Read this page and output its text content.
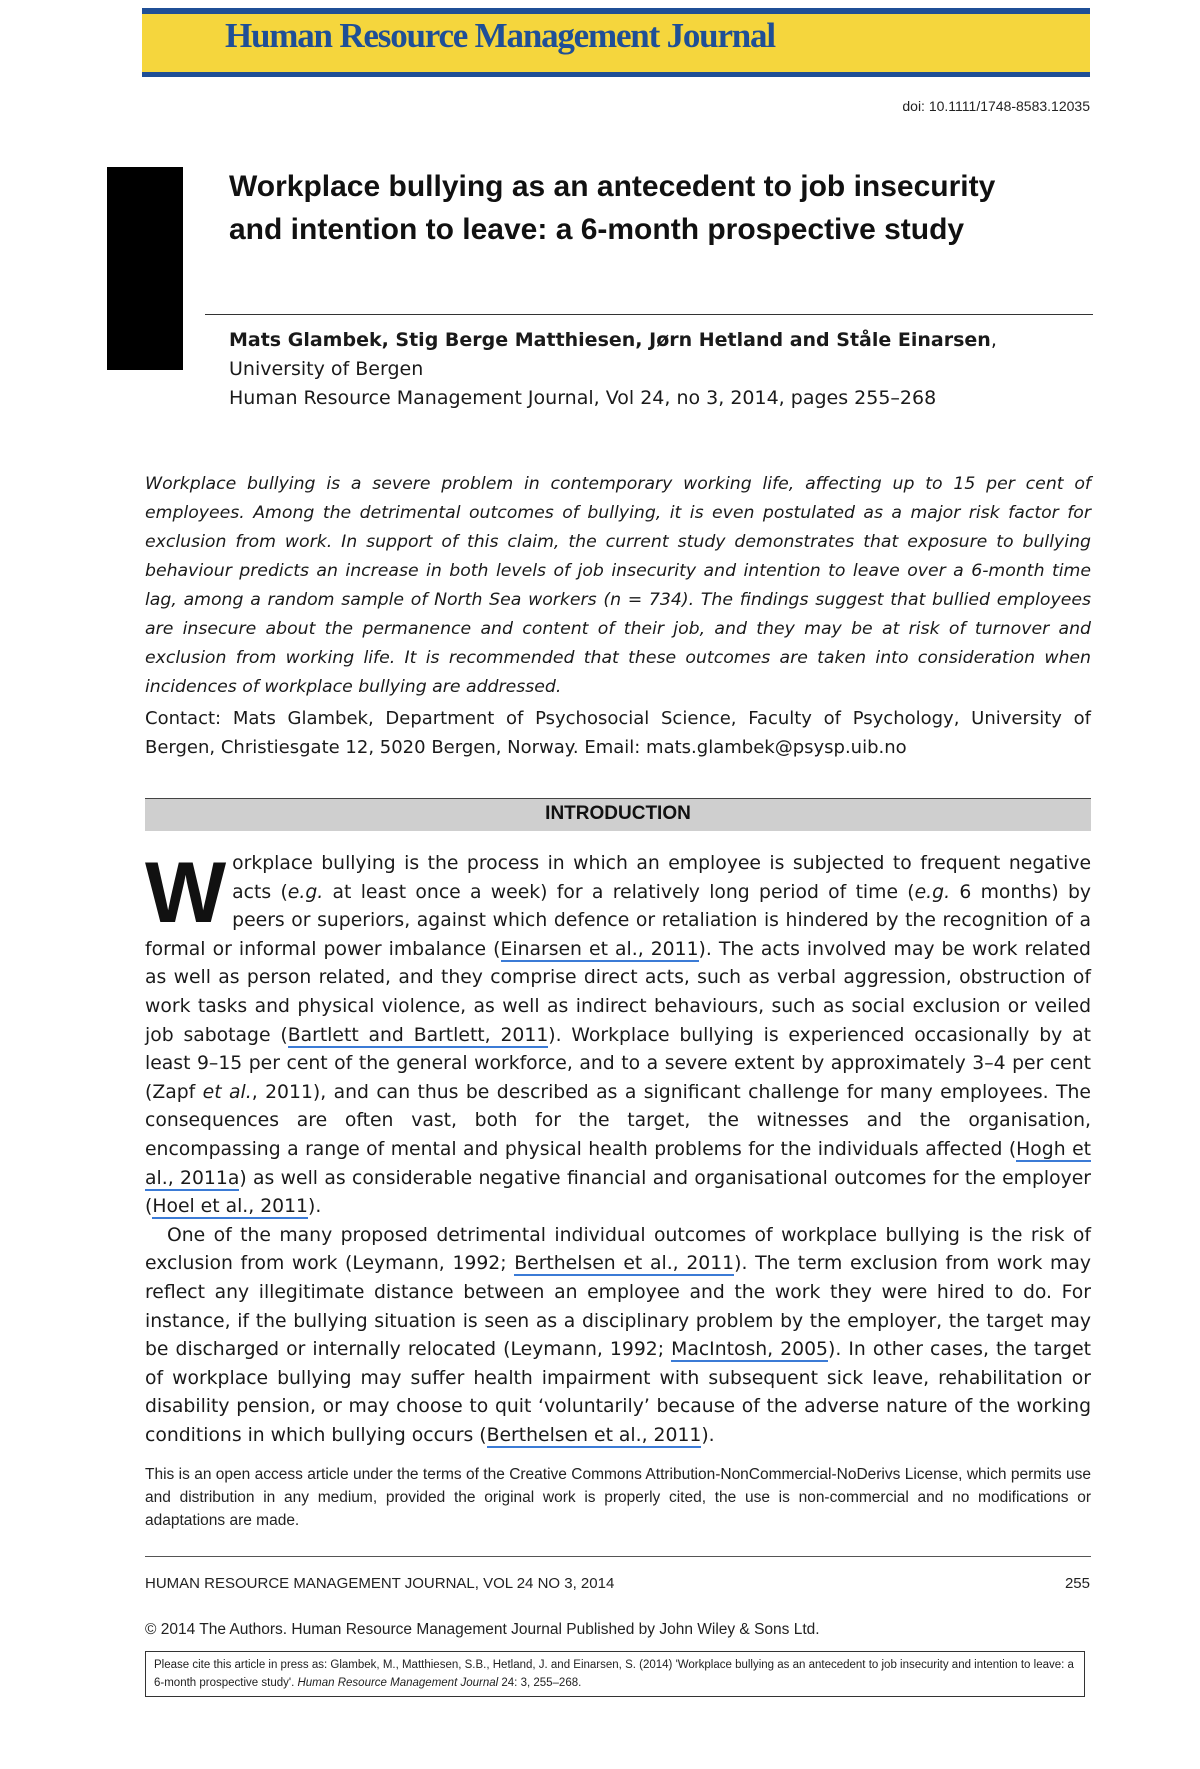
Human Resource Management Journal
doi: 10.1111/1748-8583.12035
Workplace bullying as an antecedent to job insecurity and intention to leave: a 6-month prospective study
Mats Glambek, Stig Berge Matthiesen, Jørn Hetland and Ståle Einarsen, University of Bergen
Human Resource Management Journal, Vol 24, no 3, 2014, pages 255–268

Workplace bullying is a severe problem in contemporary working life, affecting up to 15 per cent of employees. Among the detrimental outcomes of bullying, it is even postulated as a major risk factor for exclusion from work. In support of this claim, the current study demonstrates that exposure to bullying behaviour predicts an increase in both levels of job insecurity and intention to leave over a 6-month time lag, among a random sample of North Sea workers (n = 734). The findings suggest that bullied employees are insecure about the permanence and content of their job, and they may be at risk of turnover and exclusion from working life. It is recommended that these outcomes are taken into consideration when incidences of workplace bullying are addressed.

Contact: Mats Glambek, Department of Psychosocial Science, Faculty of Psychology, University of Bergen, Christiesgate 12, 5020 Bergen, Norway. Email: mats.glambek@psysp.uib.no

INTRODUCTION

Workplace bullying is the process in which an employee is subjected to frequent negative acts (e.g. at least once a week) for a relatively long period of time (e.g. 6 months) by peers or superiors, against which defence or retaliation is hindered by the recognition of a formal or informal power imbalance (Einarsen et al., 2011). The acts involved may be work related as well as person related, and they comprise direct acts, such as verbal aggression, obstruction of work tasks and physical violence, as well as indirect behaviours, such as social exclusion or veiled job sabotage (Bartlett and Bartlett, 2011). Workplace bullying is experienced occasionally by at least 9–15 per cent of the general workforce, and to a severe extent by approximately 3–4 per cent (Zapf et al., 2011), and can thus be described as a significant challenge for many employees. The consequences are often vast, both for the target, the witnesses and the organisation, encompassing a range of mental and physical health problems for the individuals affected (Hogh et al., 2011a) as well as considerable negative financial and organisational outcomes for the employer (Hoel et al., 2011).

One of the many proposed detrimental individual outcomes of workplace bullying is the risk of exclusion from work (Leymann, 1992; Berthelsen et al., 2011). The term exclusion from work may reflect any illegitimate distance between an employee and the work they were hired to do. For instance, if the bullying situation is seen as a disciplinary problem by the employer, the target may be discharged or internally relocated (Leymann, 1992; MacIntosh, 2005). In other cases, the target of workplace bullying may suffer health impairment with subsequent sick leave, rehabilitation or disability pension, or may choose to quit ‘voluntarily’ because of the adverse nature of the working conditions in which bullying occurs (Berthelsen et al., 2011).

This is an open access article under the terms of the Creative Commons Attribution-NonCommercial-NoDerivs License, which permits use and distribution in any medium, provided the original work is properly cited, the use is non-commercial and no modifications or adaptations are made.

HUMAN RESOURCE MANAGEMENT JOURNAL, VOL 24 NO 3, 2014	255
© 2014 The Authors. Human Resource Management Journal Published by John Wiley & Sons Ltd.

Please cite this article in press as: Glambek, M., Matthiesen, S.B., Hetland, J. and Einarsen, S. (2014) 'Workplace bullying as an antecedent to job insecurity and intention to leave: a 6-month prospective study'. Human Resource Management Journal 24: 3, 255–268.
